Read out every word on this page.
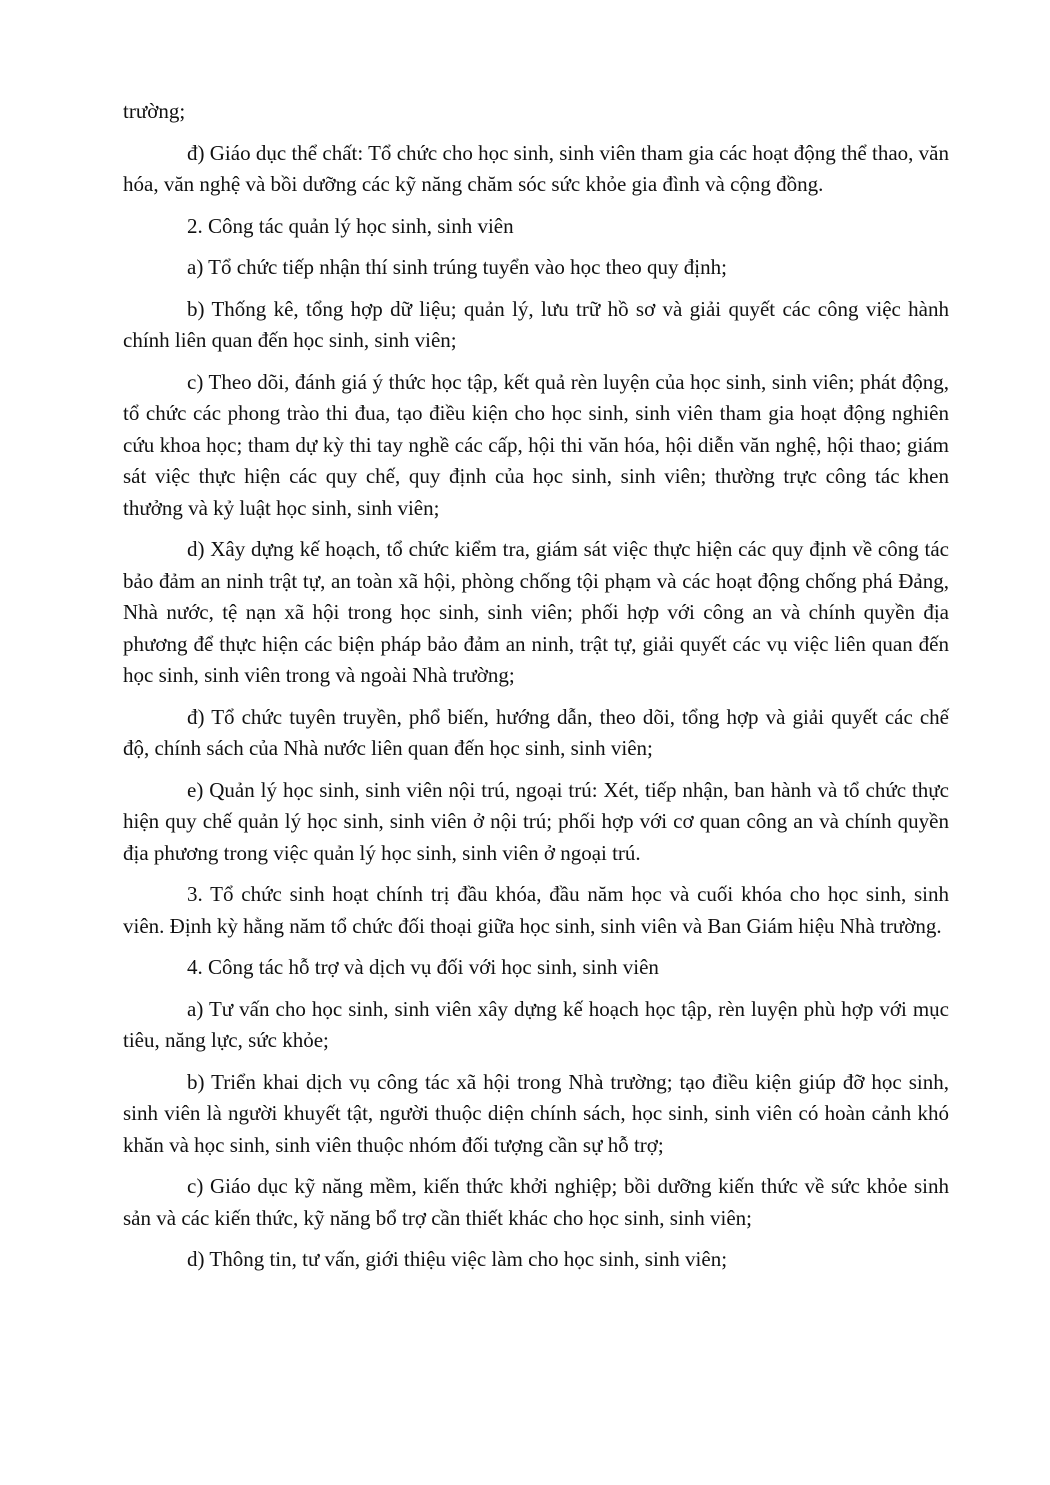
trường;

đ) Giáo dục thể chất: Tổ chức cho học sinh, sinh viên tham gia các hoạt động thể thao, văn hóa, văn nghệ và bồi dưỡng các kỹ năng chăm sóc sức khỏe gia đình và cộng đồng.

2. Công tác quản lý học sinh, sinh viên

a) Tổ chức tiếp nhận thí sinh trúng tuyển vào học theo quy định;

b) Thống kê, tổng hợp dữ liệu; quản lý, lưu trữ hồ sơ và giải quyết các công việc hành chính liên quan đến học sinh, sinh viên;

c) Theo dõi, đánh giá ý thức học tập, kết quả rèn luyện của học sinh, sinh viên; phát động, tổ chức các phong trào thi đua, tạo điều kiện cho học sinh, sinh viên tham gia hoạt động nghiên cứu khoa học; tham dự kỳ thi tay nghề các cấp, hội thi văn hóa, hội diễn văn nghệ, hội thao; giám sát việc thực hiện các quy chế, quy định của học sinh, sinh viên; thường trực công tác khen thưởng và kỷ luật học sinh, sinh viên;

d) Xây dựng kế hoạch, tổ chức kiểm tra, giám sát việc thực hiện các quy định về công tác bảo đảm an ninh trật tự, an toàn xã hội, phòng chống tội phạm và các hoạt động chống phá Đảng, Nhà nước, tệ nạn xã hội trong học sinh, sinh viên; phối hợp với công an và chính quyền địa phương để thực hiện các biện pháp bảo đảm an ninh, trật tự, giải quyết các vụ việc liên quan đến học sinh, sinh viên trong và ngoài Nhà trường;

đ) Tổ chức tuyên truyền, phổ biến, hướng dẫn, theo dõi, tổng hợp và giải quyết các chế độ, chính sách của Nhà nước liên quan đến học sinh, sinh viên;

e) Quản lý học sinh, sinh viên nội trú, ngoại trú: Xét, tiếp nhận, ban hành và tổ chức thực hiện quy chế quản lý học sinh, sinh viên ở nội trú; phối hợp với cơ quan công an và chính quyền địa phương trong việc quản lý học sinh, sinh viên ở ngoại trú.

3. Tổ chức sinh hoạt chính trị đầu khóa, đầu năm học và cuối khóa cho học sinh, sinh viên. Định kỳ hằng năm tổ chức đối thoại giữa học sinh, sinh viên và Ban Giám hiệu Nhà trường.

4. Công tác hỗ trợ và dịch vụ đối với học sinh, sinh viên

a) Tư vấn cho học sinh, sinh viên xây dựng kế hoạch học tập, rèn luyện phù hợp với mục tiêu, năng lực, sức khỏe;

b) Triển khai dịch vụ công tác xã hội trong Nhà trường; tạo điều kiện giúp đỡ học sinh, sinh viên là người khuyết tật, người thuộc diện chính sách, học sinh, sinh viên có hoàn cảnh khó khăn và học sinh, sinh viên thuộc nhóm đối tượng cần sự hỗ trợ;

c) Giáo dục kỹ năng mềm, kiến thức khởi nghiệp; bồi dưỡng kiến thức về sức khỏe sinh sản và các kiến thức, kỹ năng bổ trợ cần thiết khác cho học sinh, sinh viên;

d) Thông tin, tư vấn, giới thiệu việc làm cho học sinh, sinh viên;
